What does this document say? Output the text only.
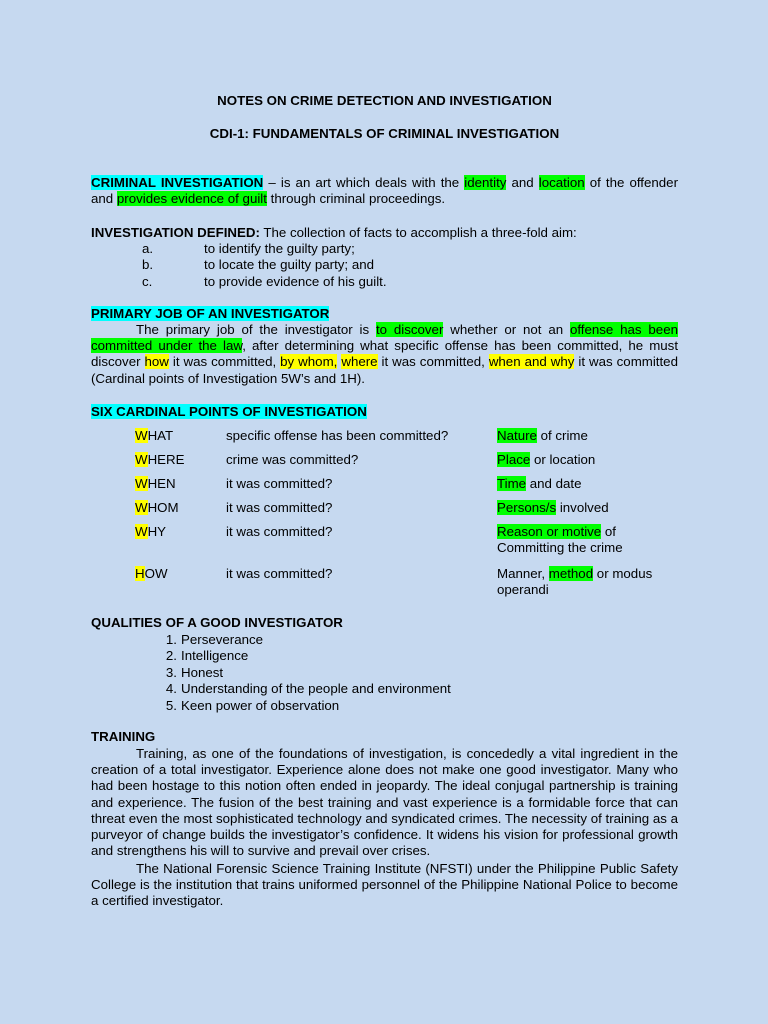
NOTES ON CRIME DETECTION AND INVESTIGATION
CDI-1: FUNDAMENTALS OF CRIMINAL INVESTIGATION
CRIMINAL INVESTIGATION – is an art which deals with the identity and location of the offender and provides evidence of guilt through criminal proceedings.
INVESTIGATION DEFINED: The collection of facts to accomplish a three-fold aim:
a.	to identify the guilty party;
b.	to locate the guilty party; and
c.	to provide evidence of his guilt.
PRIMARY JOB OF AN INVESTIGATOR
The primary job of the investigator is to discover whether or not an offense has been committed under the law, after determining what specific offense has been committed, he must discover how it was committed, by whom, where it was committed, when and why it was committed (Cardinal points of Investigation 5W’s and 1H).
SIX CARDINAL POINTS OF INVESTIGATION
WHAT	specific offense has been committed?	Nature of crime
WHERE	crime was committed?	Place or location
WHEN	it was committed?	Time and date
WHOM	it was committed?	Persons/s involved
WHY	it was committed?	Reason or motive of
Committing the crime
HOW	it was committed?	Manner, method or modus
operandi
QUALITIES OF A GOOD INVESTIGATOR
1. Perseverance
2. Intelligence
3. Honest
4. Understanding of the people and environment
5. Keen power of observation
TRAINING
Training, as one of the foundations of investigation, is concededly a vital ingredient in the creation of a total investigator. Experience alone does not make one good investigator. Many who had been hostage to this notion often ended in jeopardy. The ideal conjugal partnership is training and experience. The fusion of the best training and vast experience is a formidable force that can threat even the most sophisticated technology and syndicated crimes. The necessity of training as a purveyor of change builds the investigator’s confidence. It widens his vision for professional growth and strengthens his will to survive and prevail over crises.
The National Forensic Science Training Institute (NFSTI) under the Philippine Public Safety College is the institution that trains uniformed personnel of the Philippine National Police to become a certified investigator.
